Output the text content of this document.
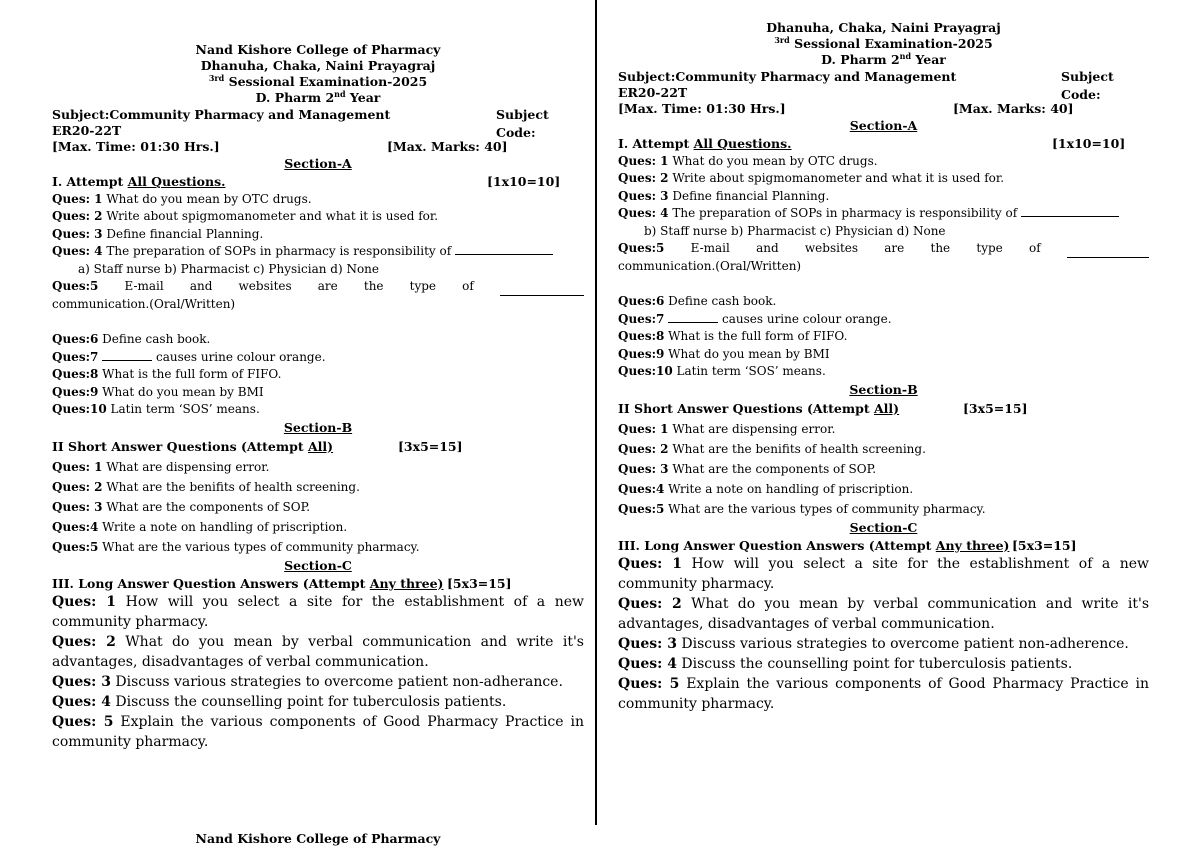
Nand Kishore College of Pharmacy
Dhanuha, Chaka, Naini Prayagraj
$^{3rd}$ Sessional Examination-2025
D. Pharm 2nd Year
Subject:Community Pharmacy and Management	Subject Code:
ER20-22T
[Max. Time: 01:30 Hrs.]	[Max. Marks: 40]
Section-A
I. Attempt All Questions.	[1x10=10]
Ques: 1 What do you mean by OTC drugs.
Ques: 2 Write about spigmomanometer and what it is used for.
Ques: 3 Define financial Planning.
Ques: 4 The preparation of SOPs in pharmacy is responsibility of
a) Staff nurse b) Pharmacist c) Physician d) None
Ques:5 E-mail and websites are the type of
communication.(Oral/Written)
Ques:6 Define cash book.
Ques:7	causes urine colour orange.
Ques:8 What is the full form of FIFO.
Ques:9 What do you mean by BMI
Ques:10 Latin term ‘SOS’ means.
Section-B
II Short Answer Questions (Attempt All)	[3x5=15]
Ques: 1 What are dispensing error.
Ques: 2 What are the benifits of health screening.
Ques: 3 What are the components of SOP.
Ques:4 Write a note on handling of priscription.
Ques:5 What are the various types of community pharmacy.
Section-C
III. Long Answer Question Answers (Attempt Any three) [5x3=15]
Ques: 1 How will you select a site for the establishment of a new community pharmacy.
Ques: 2 What do you mean by verbal communication and write it's advantages, disadvantages of verbal communication.
Ques: 3 Discuss various strategies to overcome patient non-adherance.
Ques: 4 Discuss the counselling point for tuberculosis patients.
Ques: 5 Explain the various components of Good Pharmacy Practice in community pharmacy.
Nand Kishore College of Pharmacy
Dhanuha, Chaka, Naini Prayagraj
$^{3rd}$ Sessional Examination-2025
D. Pharm 2nd Year
Subject:Community Pharmacy and Management	Subject Code:
ER20-22T
[Max. Time: 01:30 Hrs.]	[Max. Marks: 40]
Section-A
I. Attempt All Questions.	[1x10=10]
Ques: 1 What do you mean by OTC drugs.
Ques: 2 Write about spigmomanometer and what it is used for.
Ques: 3 Define financial Planning.
Ques: 4 The preparation of SOPs in pharmacy is responsibility of
b) Staff nurse b) Pharmacist c) Physician d) None
Ques:5 E-mail and websites are the type of
communication.(Oral/Written)
Ques:6 Define cash book.
Ques:7	causes urine colour orange.
Ques:8 What is the full form of FIFO.
Ques:9 What do you mean by BMI
Ques:10 Latin term ‘SOS’ means.
Section-B
II Short Answer Questions (Attempt All)	[3x5=15]
Ques: 1 What are dispensing error.
Ques: 2 What are the benifits of health screening.
Ques: 3 What are the components of SOP.
Ques:4 Write a note on handling of priscription.
Ques:5 What are the various types of community pharmacy.
Section-C
III. Long Answer Question Answers (Attempt Any three) [5x3=15]
Ques: 1 How will you select a site for the establishment of a new community pharmacy.
Ques: 2 What do you mean by verbal communication and write it's advantages, disadvantages of verbal communication.
Ques: 3 Discuss various strategies to overcome patient non-adherence.
Ques: 4 Discuss the counselling point for tuberculosis patients.
Ques: 5 Explain the various components of Good Pharmacy Practice in community pharmacy.
